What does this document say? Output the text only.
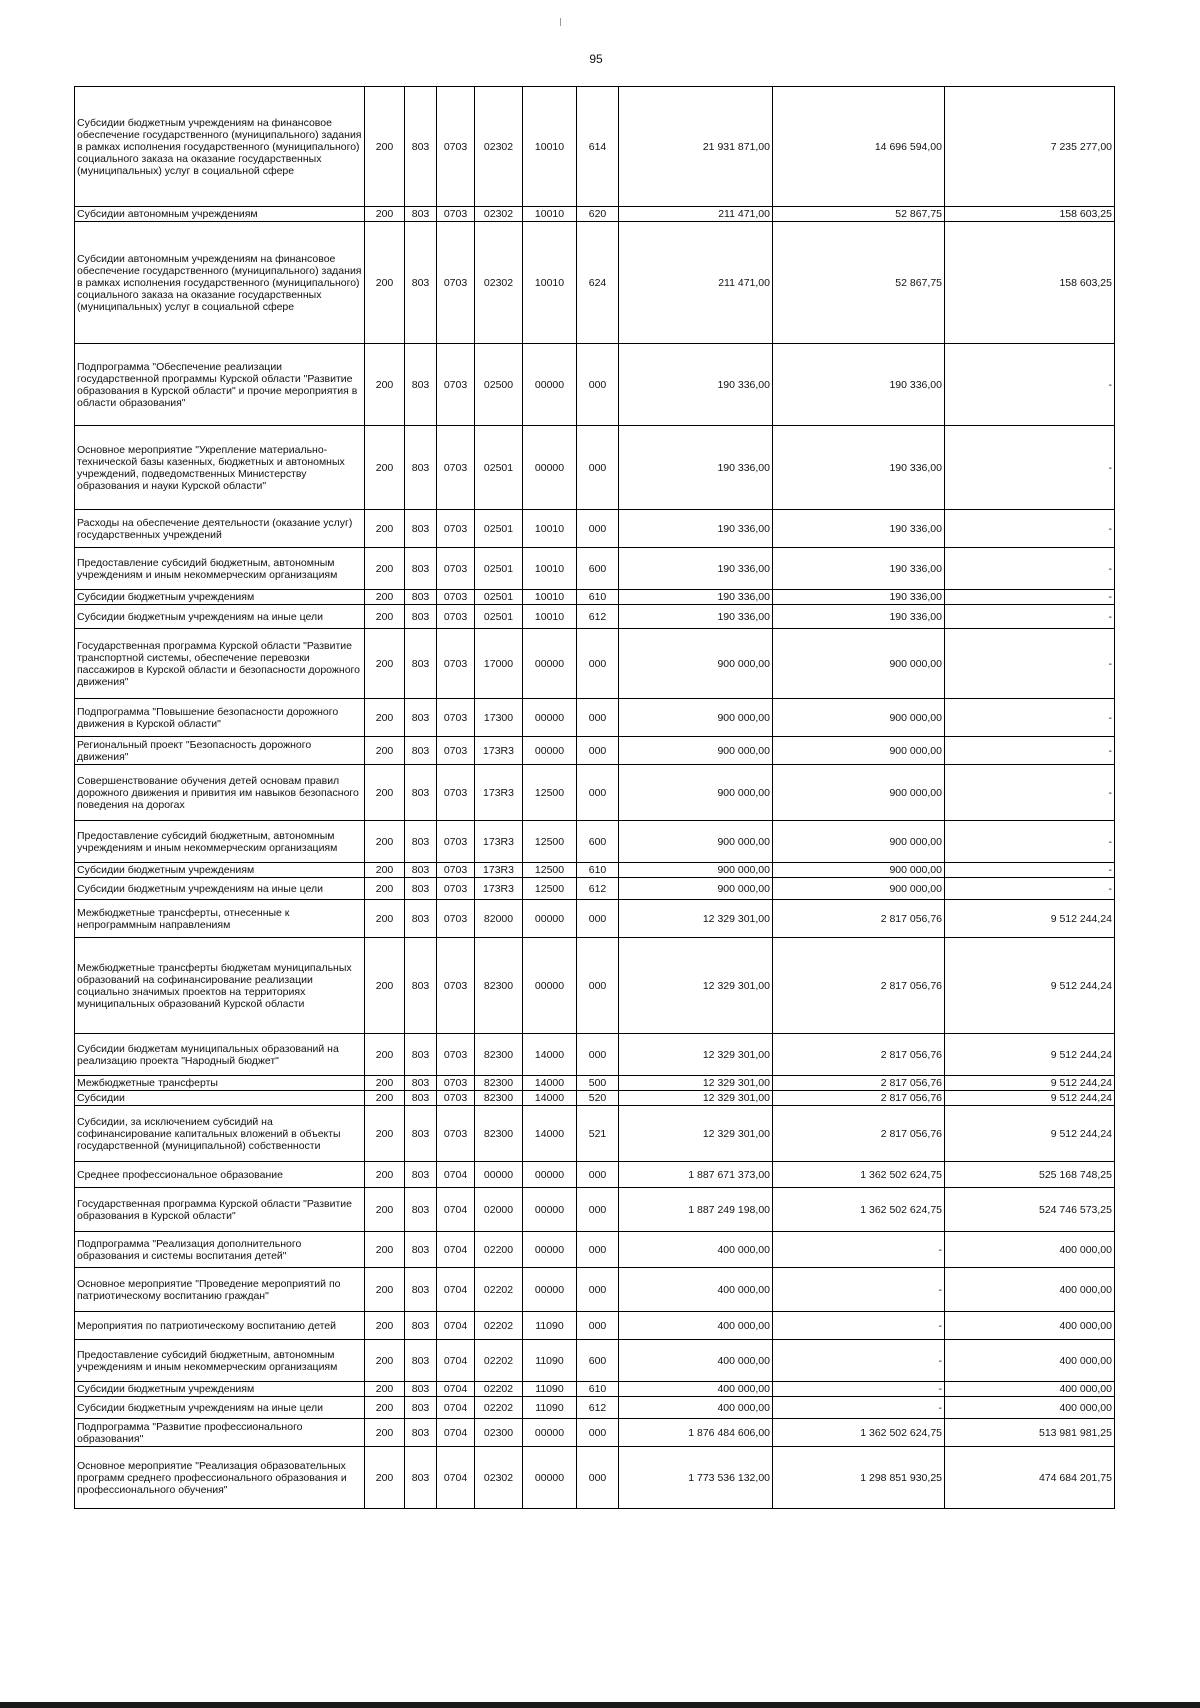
95
Субсидии бюджетным учреждениям на финансовое обеспечение государственного (муниципального) задания в рамках исполнения государственного (муниципального) социального заказа на оказание государственных (муниципальных) услуг в социальной сфере	200	803	0703	02302	10010	614	21 931 871,00	14 696 594,00	7 235 277,00
Субсидии автономным учреждениям	200	803	0703	02302	10010	620	211 471,00	52 867,75	158 603,25
Субсидии автономным учреждениям на финансовое обеспечение государственного (муниципального) задания в рамках исполнения государственного (муниципального) социального заказа на оказание государственных (муниципальных) услуг в социальной сфере	200	803	0703	02302	10010	624	211 471,00	52 867,75	158 603,25
Подпрограмма "Обеспечение реализации государственной программы Курской области "Развитие образования в Курской области" и прочие мероприятия в области образования"	200	803	0703	02500	00000	000	190 336,00	190 336,00	-
Основное мероприятие "Укрепление материально-технической базы казенных, бюджетных и автономных учреждений, подведомственных Министерству образования и науки Курской области"	200	803	0703	02501	00000	000	190 336,00	190 336,00	-
Расходы на обеспечение деятельности (оказание услуг) государственных учреждений	200	803	0703	02501	10010	000	190 336,00	190 336,00	-
Предоставление субсидий бюджетным, автономным учреждениям и иным некоммерческим организациям	200	803	0703	02501	10010	600	190 336,00	190 336,00	-
Субсидии бюджетным учреждениям	200	803	0703	02501	10010	610	190 336,00	190 336,00	-
Субсидии бюджетным учреждениям на иные цели	200	803	0703	02501	10010	612	190 336,00	190 336,00	-
Государственная программа Курской области "Развитие транспортной системы, обеспечение перевозки пассажиров в Курской области и безопасности дорожного движения"	200	803	0703	17000	00000	000	900 000,00	900 000,00	-
Подпрограмма "Повышение безопасности дорожного движения в Курской области"	200	803	0703	17300	00000	000	900 000,00	900 000,00	-
Региональный проект "Безопасность дорожного движения"	200	803	0703	173R3	00000	000	900 000,00	900 000,00	-
Совершенствование обучения детей основам правил дорожного движения и привития им навыков безопасного поведения на дорогах	200	803	0703	173R3	12500	000	900 000,00	900 000,00	-
Предоставление субсидий бюджетным, автономным учреждениям и иным некоммерческим организациям	200	803	0703	173R3	12500	600	900 000,00	900 000,00	-
Субсидии бюджетным учреждениям	200	803	0703	173R3	12500	610	900 000,00	900 000,00	-
Субсидии бюджетным учреждениям на иные цели	200	803	0703	173R3	12500	612	900 000,00	900 000,00	-
Межбюджетные трансферты, отнесенные к непрограммным направлениям	200	803	0703	82000	00000	000	12 329 301,00	2 817 056,76	9 512 244,24
Межбюджетные трансферты бюджетам муниципальных образований на софинансирование реализации социально значимых проектов на территориях муниципальных образований Курской области	200	803	0703	82300	00000	000	12 329 301,00	2 817 056,76	9 512 244,24
Субсидии бюджетам муниципальных образований на реализацию проекта "Народный бюджет"	200	803	0703	82300	14000	000	12 329 301,00	2 817 056,76	9 512 244,24
Межбюджетные трансферты	200	803	0703	82300	14000	500	12 329 301,00	2 817 056,76	9 512 244,24
Субсидии	200	803	0703	82300	14000	520	12 329 301,00	2 817 056,76	9 512 244,24
Субсидии, за исключением субсидий на софинансирование капитальных вложений в объекты государственной (муниципальной) собственности	200	803	0703	82300	14000	521	12 329 301,00	2 817 056,76	9 512 244,24
Среднее профессиональное образование	200	803	0704	00000	00000	000	1 887 671 373,00	1 362 502 624,75	525 168 748,25
Государственная программа Курской области "Развитие образования в Курской области"	200	803	0704	02000	00000	000	1 887 249 198,00	1 362 502 624,75	524 746 573,25
Подпрограмма "Реализация дополнительного образования и системы воспитания детей"	200	803	0704	02200	00000	000	400 000,00	-	400 000,00
Основное мероприятие "Проведение мероприятий по патриотическому воспитанию граждан"	200	803	0704	02202	00000	000	400 000,00	-	400 000,00
Мероприятия по патриотическому воспитанию детей	200	803	0704	02202	11090	000	400 000,00	-	400 000,00
Предоставление субсидий бюджетным, автономным учреждениям и иным некоммерческим организациям	200	803	0704	02202	11090	600	400 000,00	-	400 000,00
Субсидии бюджетным учреждениям	200	803	0704	02202	11090	610	400 000,00	-	400 000,00
Субсидии бюджетным учреждениям на иные цели	200	803	0704	02202	11090	612	400 000,00	-	400 000,00
Подпрограмма "Развитие профессионального образования"	200	803	0704	02300	00000	000	1 876 484 606,00	1 362 502 624,75	513 981 981,25
Основное мероприятие "Реализация образовательных программ среднего профессионального образования и профессионального обучения"	200	803	0704	02302	00000	000	1 773 536 132,00	1 298 851 930,25	474 684 201,75
